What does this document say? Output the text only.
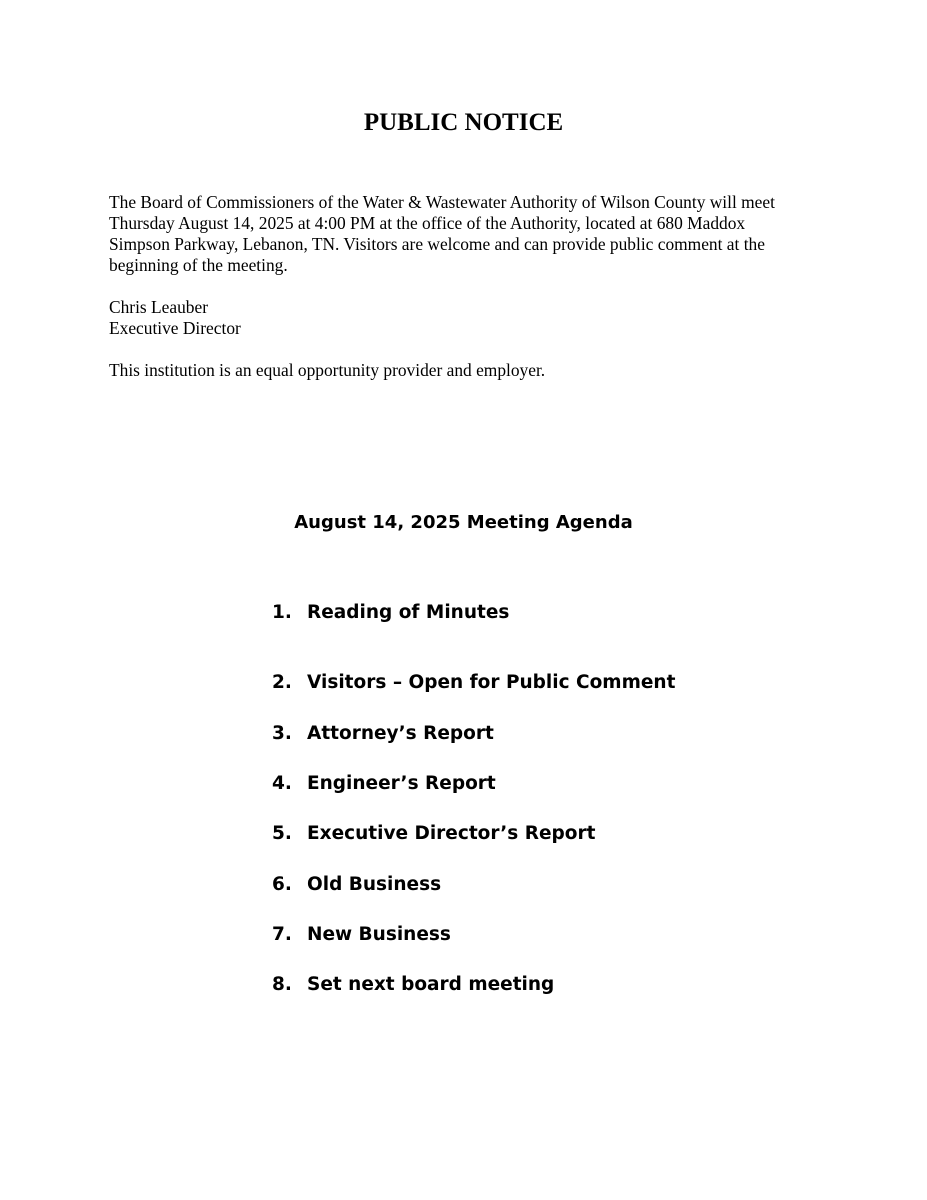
PUBLIC NOTICE
The Board of Commissioners of the Water & Wastewater Authority of Wilson County will meet
Thursday August 14, 2025 at 4:00 PM at the office of the Authority, located at 680 Maddox
Simpson Parkway, Lebanon, TN. Visitors are welcome and can provide public comment at the
beginning of the meeting.
Chris Leauber
Executive Director
This institution is an equal opportunity provider and employer.
August 14, 2025 Meeting Agenda
1. Reading of Minutes
2. Visitors – Open for Public Comment
3. Attorney’s Report
4. Engineer’s Report
5. Executive Director’s Report
6. Old Business
7. New Business
8. Set next board meeting
